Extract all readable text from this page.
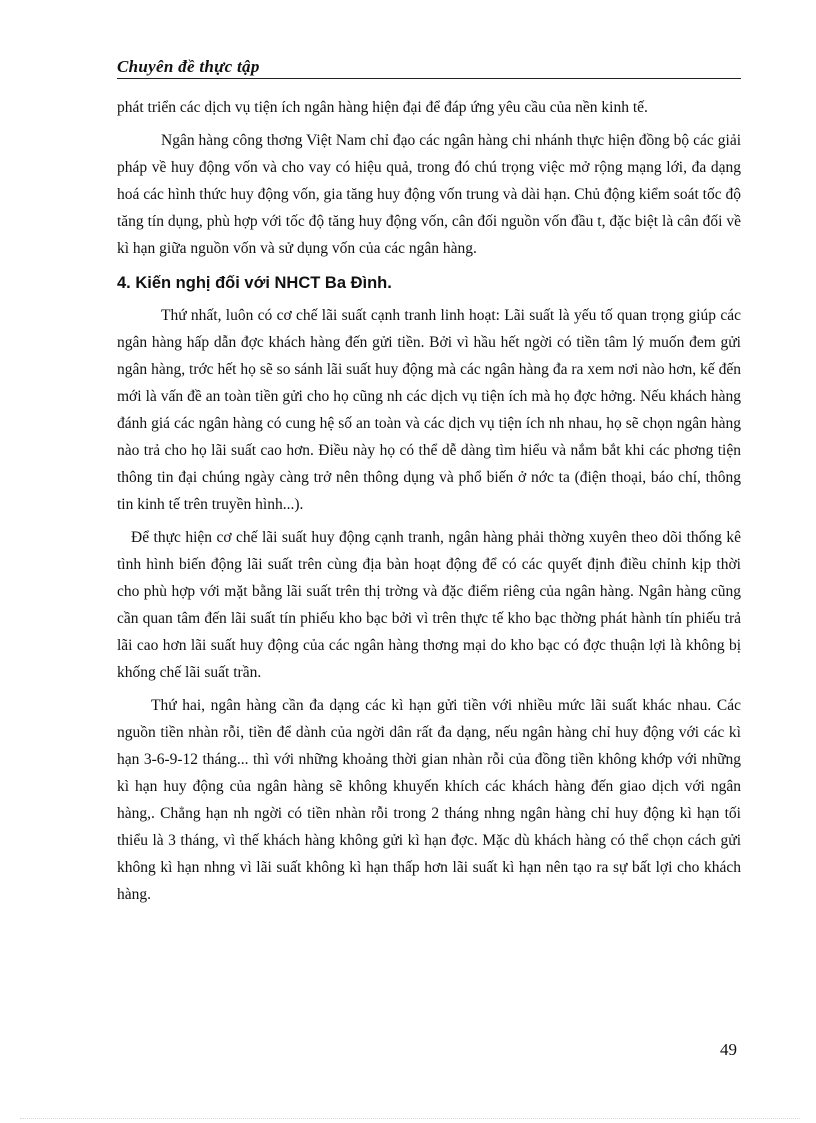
Chuyên đề thực tập

phát triển các dịch vụ tiện ích ngân hàng hiện đại để đáp ứng yêu cầu của nền kinh tế.

Ngân hàng công thơng Việt Nam chỉ đạo các ngân hàng chi nhánh thực hiện đồng bộ các giải pháp về huy động vốn và cho vay có hiệu quả, trong đó chú trọng việc mở rộng mạng lới, đa dạng hoá các hình thức huy động vốn, gia tăng huy động vốn trung và dài hạn. Chủ động kiểm soát tốc độ tăng tín dụng, phù hợp với tốc độ tăng huy động vốn, cân đối nguồn vốn đầu t, đặc biệt là cân đối về kì hạn giữa nguồn vốn và sử dụng vốn của các ngân hàng.

4. Kiến nghị đối với NHCT Ba Đình.

Thứ nhất, luôn có cơ chế lãi suất cạnh tranh linh hoạt: Lãi suất là yếu tố quan trọng giúp các ngân hàng hấp dẫn đợc khách hàng đến gửi tiền. Bởi vì hầu hết ngời có tiền tâm lý muốn đem gửi ngân hàng, trớc hết họ sẽ so sánh lãi suất huy động mà các ngân hàng đa ra xem nơi nào hơn, kế đến mới là vấn đề an toàn tiền gửi cho họ cũng nh các dịch vụ tiện ích mà họ đợc hởng. Nếu khách hàng đánh giá các ngân hàng có cung hệ số an toàn và các dịch vụ tiện ích nh nhau, họ sẽ chọn ngân hàng nào trả cho họ lãi suất cao hơn. Điều này họ có thể dễ dàng tìm hiểu và nắm bắt khi các phơng tiện thông tin đại chúng ngày càng trở nên thông dụng và phổ biến ở nớc ta (điện thoại, báo chí, thông tin kinh tế trên truyền hình...).

Để thực hiện cơ chế lãi suất huy động cạnh tranh, ngân hàng phải thờng xuyên theo dõi thống kê tình hình biến động lãi suất trên cùng địa bàn hoạt động để có các quyết định điều chỉnh kịp thời cho phù hợp với mặt bằng lãi suất trên thị trờng và đặc điểm riêng của ngân hàng. Ngân hàng cũng cần quan tâm đến lãi suất tín phiếu kho bạc bởi vì trên thực tế kho bạc thờng phát hành tín phiếu trả lãi cao hơn lãi suất huy động của các ngân hàng thơng mại do kho bạc có đợc thuận lợi là không bị khống chế lãi suất trần.

Thứ hai, ngân hàng cần đa dạng các kì hạn gửi tiền với nhiều mức lãi suất khác nhau. Các nguồn tiền nhàn rỗi, tiền để dành của ngời dân rất đa dạng, nếu ngân hàng chỉ huy động với các kì hạn 3-6-9-12 tháng... thì với những khoảng thời gian nhàn rỗi của đồng tiền không khớp với những kì hạn huy động của ngân hàng sẽ không khuyến khích các khách hàng đến giao dịch với ngân hàng,. Chẳng hạn nh ngời có tiền nhàn rỗi trong 2 tháng nhng ngân hàng chỉ huy động kì hạn tối thiểu là 3 tháng, vì thế khách hàng không gửi kì hạn đợc. Mặc dù khách hàng có thể chọn cách gửi không kì hạn nhng vì lãi suất không kì hạn thấp hơn lãi suất kì hạn nên tạo ra sự bất lợi cho khách hàng.

49
